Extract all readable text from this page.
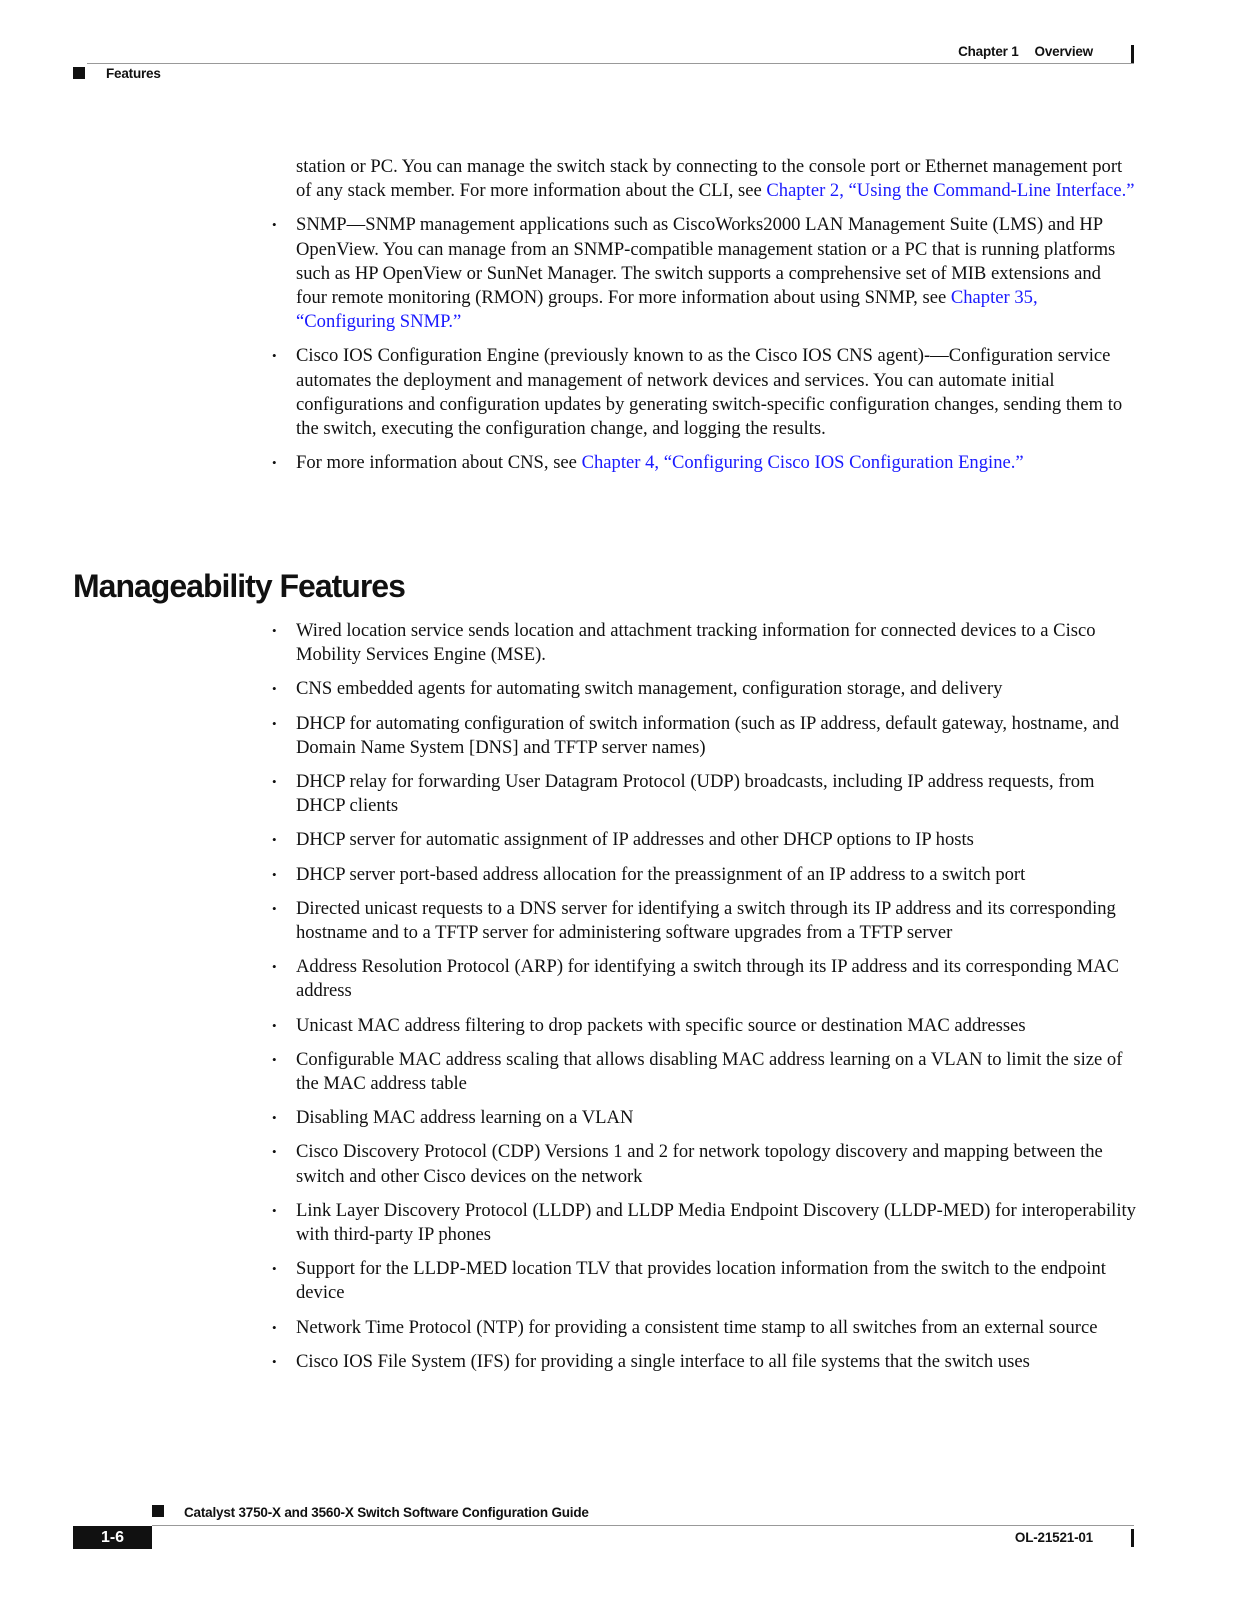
Chapter 1 Overview
Features

station or PC. You can manage the switch stack by connecting to the console port or Ethernet management port of any stack member. For more information about the CLI, see Chapter 2, “Using the Command-Line Interface.”

• SNMP—SNMP management applications such as CiscoWorks2000 LAN Management Suite (LMS) and HP OpenView. You can manage from an SNMP-compatible management station or a PC that is running platforms such as HP OpenView or SunNet Manager. The switch supports a comprehensive set of MIB extensions and four remote monitoring (RMON) groups. For more information about using SNMP, see Chapter 35, “Configuring SNMP.”
• Cisco IOS Configuration Engine (previously known to as the Cisco IOS CNS agent)-—Configuration service automates the deployment and management of network devices and services. You can automate initial configurations and configuration updates by generating switch-specific configuration changes, sending them to the switch, executing the configuration change, and logging the results.
• For more information about CNS, see Chapter 4, “Configuring Cisco IOS Configuration Engine.”
Manageability Features
• Wired location service sends location and attachment tracking information for connected devices to a Cisco Mobility Services Engine (MSE).
• CNS embedded agents for automating switch management, configuration storage, and delivery
• DHCP for automating configuration of switch information (such as IP address, default gateway, hostname, and Domain Name System [DNS] and TFTP server names)
• DHCP relay for forwarding User Datagram Protocol (UDP) broadcasts, including IP address requests, from DHCP clients
• DHCP server for automatic assignment of IP addresses and other DHCP options to IP hosts
• DHCP server port-based address allocation for the preassignment of an IP address to a switch port
• Directed unicast requests to a DNS server for identifying a switch through its IP address and its corresponding hostname and to a TFTP server for administering software upgrades from a TFTP server
• Address Resolution Protocol (ARP) for identifying a switch through its IP address and its corresponding MAC address
• Unicast MAC address filtering to drop packets with specific source or destination MAC addresses
• Configurable MAC address scaling that allows disabling MAC address learning on a VLAN to limit the size of the MAC address table
• Disabling MAC address learning on a VLAN
• Cisco Discovery Protocol (CDP) Versions 1 and 2 for network topology discovery and mapping between the switch and other Cisco devices on the network
• Link Layer Discovery Protocol (LLDP) and LLDP Media Endpoint Discovery (LLDP-MED) for interoperability with third-party IP phones
• Support for the LLDP-MED location TLV that provides location information from the switch to the endpoint device
• Network Time Protocol (NTP) for providing a consistent time stamp to all switches from an external source
• Cisco IOS File System (IFS) for providing a single interface to all file systems that the switch uses
Catalyst 3750-X and 3560-X Switch Software Configuration Guide
1-6	OL-21521-01
